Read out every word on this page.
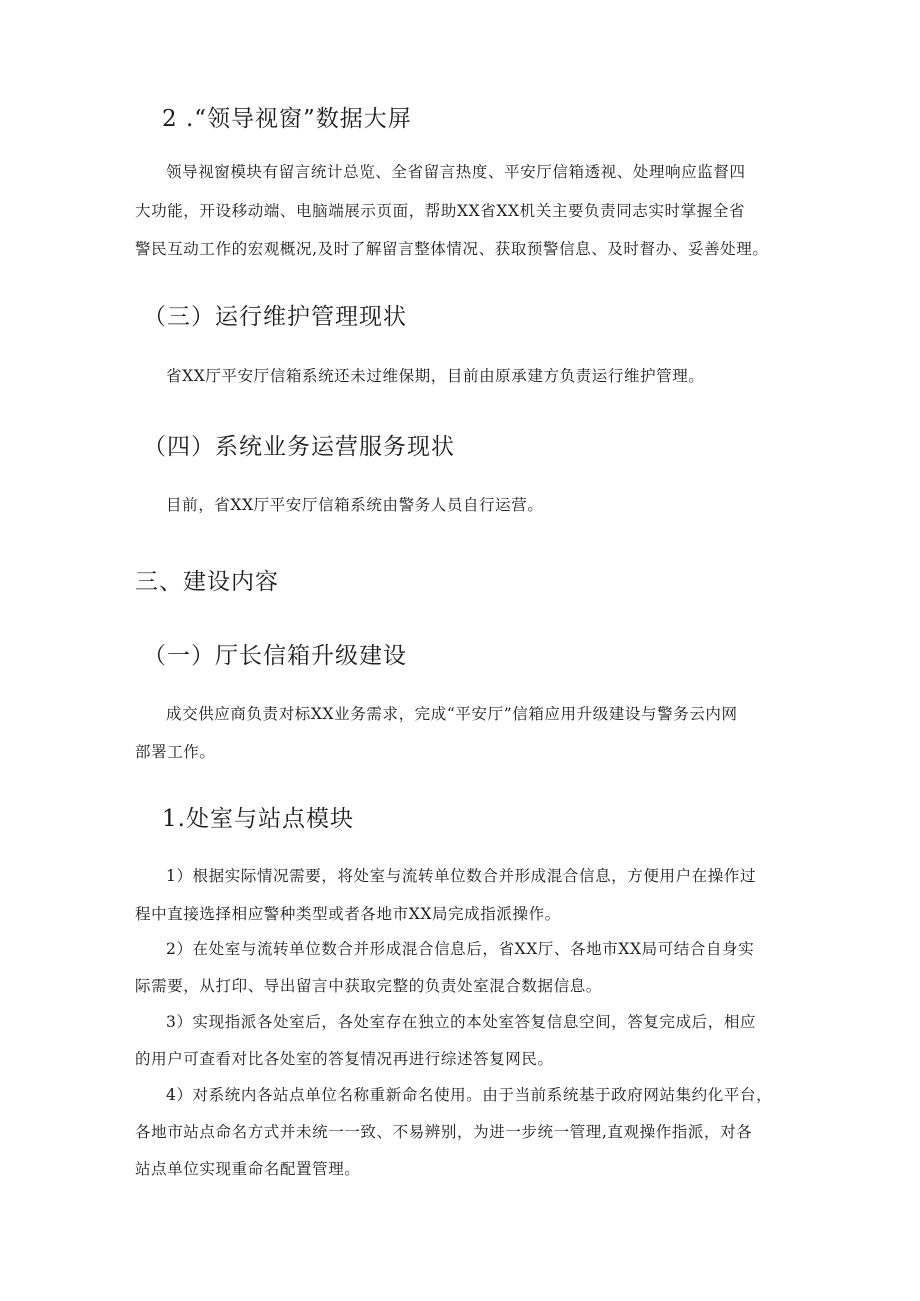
2 .“领导视窗”数据大屏
领导视窗模块有留言统计总览、全省留言热度、平安厅信箱透视、处理响应监督四
大功能，开设移动端、电脑端展示页面，帮助XX省XX机关主要负责同志实时掌握全省
警民互动工作的宏观概况,及时了解留言整体情况、获取预警信息、及时督办、妥善处理。
（三）运行维护管理现状
省XX厅平安厅信箱系统还未过维保期，目前由原承建方负责运行维护管理。
（四）系统业务运营服务现状
目前，省XX厅平安厅信箱系统由警务人员自行运营。
三、建设内容
（一）厅长信箱升级建设
成交供应商负责对标XX业务需求，完成“平安厅”信箱应用升级建设与警务云内网
部署工作。
1.处室与站点模块
1）根据实际情况需要，将处室与流转单位数合并形成混合信息，方便用户在操作过
程中直接选择相应警种类型或者各地市XX局完成指派操作。
2）在处室与流转单位数合并形成混合信息后，省XX厅、各地市XX局可结合自身实
际需要，从打印、导出留言中获取完整的负责处室混合数据信息。
3）实现指派各处室后，各处室存在独立的本处室答复信息空间，答复完成后，相应
的用户可查看对比各处室的答复情况再进行综述答复网民。
4）对系统内各站点单位名称重新命名使用。由于当前系统基于政府网站集约化平台，
各地市站点命名方式并未统一一致、不易辨别，为进一步统一管理,直观操作指派，对各
站点单位实现重命名配置管理。
